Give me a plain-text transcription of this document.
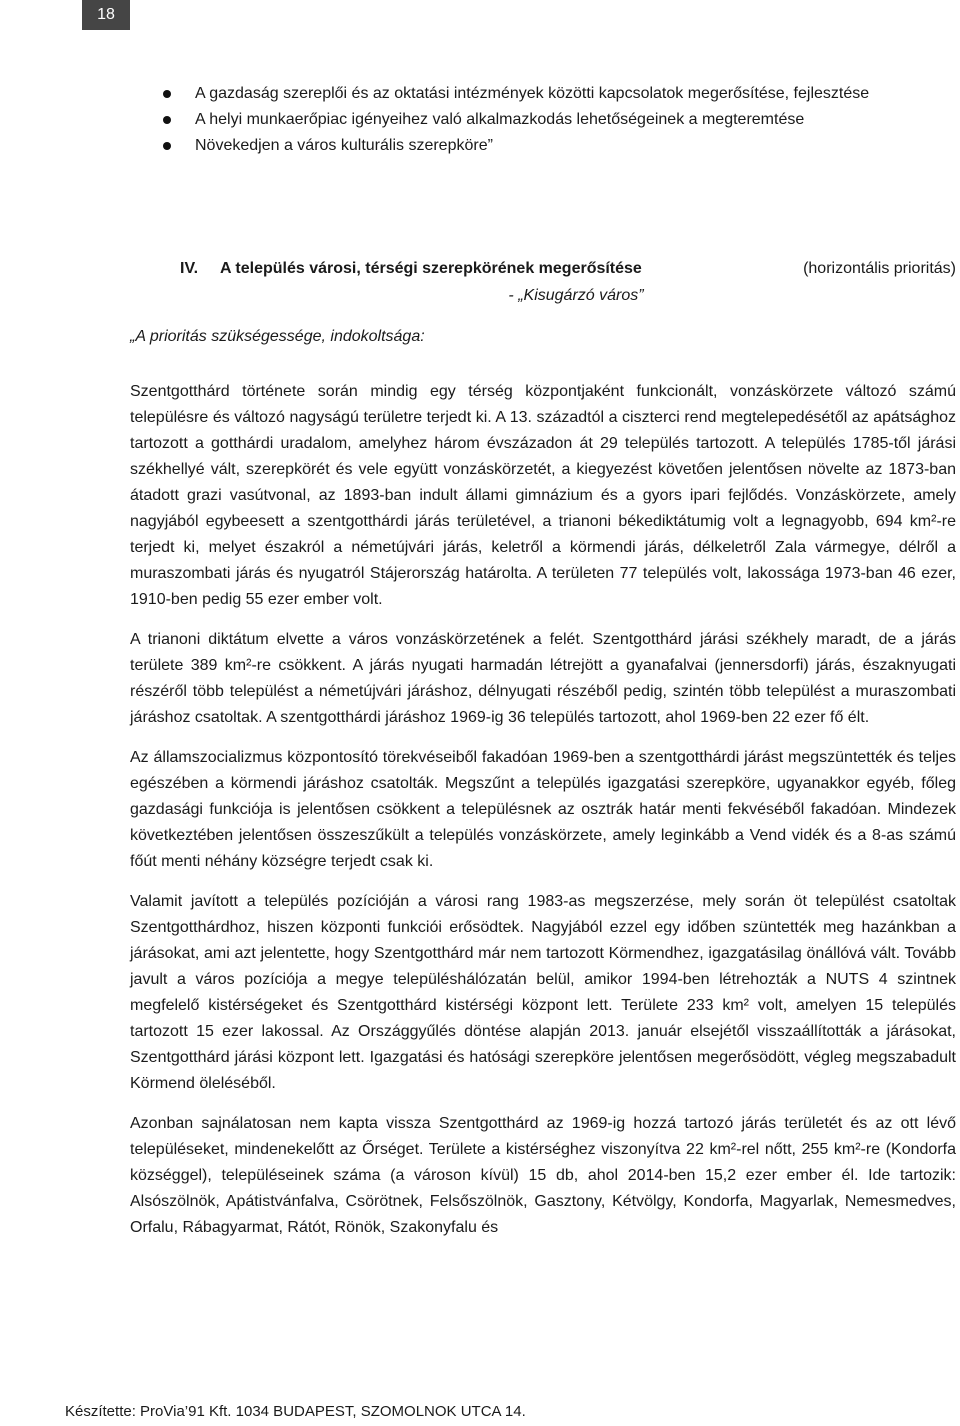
18
A gazdaság szereplői és az oktatási intézmények közötti kapcsolatok megerősítése, fejlesztése
A helyi munkaerőpiac igényeihez való alkalmazkodás lehetőségeinek a megteremtése
Növekedjen a város kulturális szerepköre”
IV.	A település városi, térségi szerepkörének megerősítése	(horizontális prioritás)
- „Kisugárzó város”
„A prioritás szükségessége, indokoltsága:

Szentgotthárd története során mindig egy térség központjaként funkcionált, vonzáskörzete változó számú településre és változó nagyságú területre terjedt ki. A 13. századtól a ciszterci rend megtelepedésétől az apátsághoz tartozott a gotthárdi uradalom, amelyhez három évszázadon át 29 település tartozott. A település 1785-től járási székhellyé vált, szerepkörét és vele együtt vonzáskörzetét, a kiegyezést követően jelentősen növelte az 1873-ban átadott grazi vasútvonal, az 1893-ban indult állami gimnázium és a gyors ipari fejlődés. Vonzáskörzete, amely nagyjából egybeesett a szentgotthárdi járás területével, a trianoni békediktátumig volt a legnagyobb, 694 km²-re terjedt ki, melyet északról a németújvári járás, keletről a körmendi járás, délkeletről Zala vármegye, délről a muraszombati járás és nyugatról Stájerország határolta. A területen 77 település volt, lakossága 1973-ban 46 ezer, 1910-ben pedig 55 ezer ember volt.

A trianoni diktátum elvette a város vonzáskörzetének a felét. Szentgotthárd járási székhely maradt, de a járás területe 389 km²-re csökkent. A járás nyugati harmadán létrejött a gyanafalvai (jennersdorfi) járás, északnyugati részéről több települést a németújvári járáshoz, délnyugati részéből pedig, szintén több települést a muraszombati járáshoz csatoltak. A szentgotthárdi járáshoz 1969-ig 36 település tartozott, ahol 1969-ben 22 ezer fő élt.

Az államszocializmus központosító törekvéseiből fakadóan 1969-ben a szentgotthárdi járást megszüntették és teljes egészében a körmendi járáshoz csatolták. Megszűnt a település igazgatási szerepköre, ugyanakkor egyéb, főleg gazdasági funkciója is jelentősen csökkent a településnek az osztrák határ menti fekvéséből fakadóan. Mindezek következtében jelentősen összeszűkült a település vonzáskörzete, amely leginkább a Vend vidék és a 8-as számú főút menti néhány községre terjedt csak ki.

Valamit javított a település pozícióján a városi rang 1983-as megszerzése, mely során öt települést csatoltak Szentgotthárdhoz, hiszen központi funkciói erősödtek. Nagyjából ezzel egy időben szüntették meg hazánkban a járásokat, ami azt jelentette, hogy Szentgotthárd már nem tartozott Körmendhez, igazgatásilag önállóvá vált. Tovább javult a város pozíciója a megye településhálózatán belül, amikor 1994-ben létrehozták a NUTS 4 szintnek megfelelő kistérségeket és Szentgotthárd kistérségi központ lett. Területe 233 km² volt, amelyen 15 település tartozott 15 ezer lakossal. Az Országgyűlés döntése alapján 2013. január elsejétől visszaállították a járásokat, Szentgotthárd járási központ lett. Igazgatási és hatósági szerepköre jelentősen megerősödött, végleg megszabadult Körmend öleléséből.

Azonban sajnálatosan nem kapta vissza Szentgotthárd az 1969-ig hozzá tartozó járás területét és az ott lévő településeket, mindenekelőtt az Őrséget. Területe a kistérséghez viszonyítva 22 km²-rel nőtt, 255 km²-re (Kondorfa községgel), településeinek száma (a városon kívül) 15 db, ahol 2014-ben 15,2 ezer ember él. Ide tartozik: Alsószölnök, Apátistvánfalva, Csörötnek, Felsőszölnök, Gasztony, Kétvölgy, Kondorfa, Magyarlak, Nemesmedves, Orfalu, Rábagyarmat, Rátót, Rönök, Szakonyfalu és

Készítette: ProVia’91 Kft. 1034 BUDAPEST, SZOMOLNOK UTCA 14.
